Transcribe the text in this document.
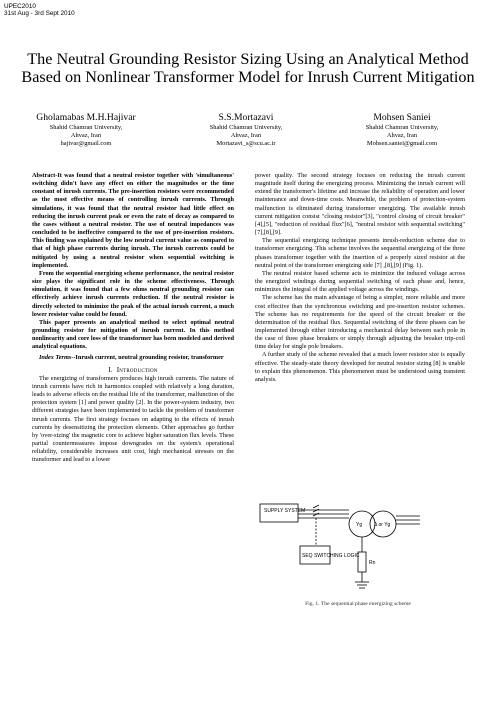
UPEC2010
31st Aug - 3rd Sept 2010
The Neutral Grounding Resistor Sizing Using an Analytical Method Based on Nonlinear Transformer Model for Inrush Current Mitigation
Gholamabas M.H.Hajivar
Shahid Chamran University,
Ahvaz, Iran
hajivar@gmail.com
S.S.Mortazavi
Shahid Chamran University,
Ahvaz, Iran
Mortazavi_s@scu.ac.ir
Mohsen Saniei
Shahid Chamran University,
Ahvaz, Iran
Mohsen.saniei@gmail.com

Abstract-It was found that a neutral resistor together with 'simultaneous' switching didn't have any effect on either the magnitudes or the time constant of inrush currents. The pre-insertion resistors were recommended as the most effective means of controlling inrush currents. Through simulations, it was found that the neutral resistor had little effect on reducing the inrush current peak or even the rate of decay as compared to the cases without a neutral resistor. The use of neutral impedances was concluded to be ineffective compared to the use of pre-insertion resistors. This finding was explained by the low neutral current value as compared to that of high phase currents during inrush. The inrush currents could be mitigated by using a neutral resistor when sequential switching is implemented.

From the sequential energizing scheme performance, the neutral resistor size plays the significant role in the scheme effectiveness. Through simulation, it was found that a few ohms neutral grounding resistor can effectively achieve inrush currents reduction. If the neutral resistor is directly selected to minimize the peak of the actual inrush current, a much lower resistor value could be found.

This paper presents an analytical method to select optimal neutral grounding resistor for mitigation of inrush current. In this method nonlinearity and core loss of the transformer has been modeled and derived analytical equations.

Index Terms--Inrush current, neutral grounding resistor, transformer

I. Introduction

The energizing of transformers produces high inrush currents. The nature of inrush currents have rich in harmonics coupled with relatively a long duration, leads to adverse effects on the residual life of the transformer, malfunction of the protection system [1] and power quality [2]. In the power-system industry, two different strategies have been implemented to tackle the problem of transformer inrush currents. The first strategy focuses on adapting to the effects of inrush currents by desensitizing the protection elements. Other approaches go further by 'over-sizing' the magnetic core to achieve higher saturation flux levels. These partial countermeasures impose downgrades on the system's operational reliability, considerable increases unit cost, high mechanical stresses on the transformer and lead to a lower

power quality. The second strategy focuses on reducing the inrush current magnitude itself during the energizing process. Minimizing the inrush current will extend the transformer's lifetime and increase the reliability of operation and lower maintenance and down-time costs. Meanwhile, the problem of protection-system malfunction is eliminated during transformer energizing. The available inrush current mitigation consist "closing resistor"[3], "control closing of circuit breaker"[4],[5], "reduction of residual flux"[6], "neutral resistor with sequential switching"[7],[8],[9].

The sequential energizing technique presents inrush-reduction scheme due to transformer energizing. This scheme involves the sequential energizing of the three phases transformer together with the insertion of a properly sized resistor at the neutral point of the transformer energizing side [7] ,[8],[9] (Fig. 1).

The neutral resistor based scheme acts to minimize the induced voltage across the energized windings during sequential switching of each phase and, hence, minimizes the integral of the applied voltage across the windings.

The scheme has the main advantage of being a simpler, more reliable and more cost effective than the synchronous switching and pre-insertion resistor schemes. The scheme has no requirements for the speed of the circuit breaker or the determination of the residual flux. Sequential switching of the three phases can be implemented through either introducing a mechanical delay between each pole in the case of three phase breakers or simply through adjusting the breaker trip-coil time delay for single pole breakers.

A further study of the scheme revealed that a much lower resistor size is equally effective. The steady-state theory developed for neutral resistor sizing [8] is unable to explain this phenomenon. This phenomenon must be understood using transient analysis.

SUPPLY SYSTEM
SEQ SWITCHING LOGIC
Yg Δ or Yg
Rn
Fig. 1. The sequential phase energizing scheme
